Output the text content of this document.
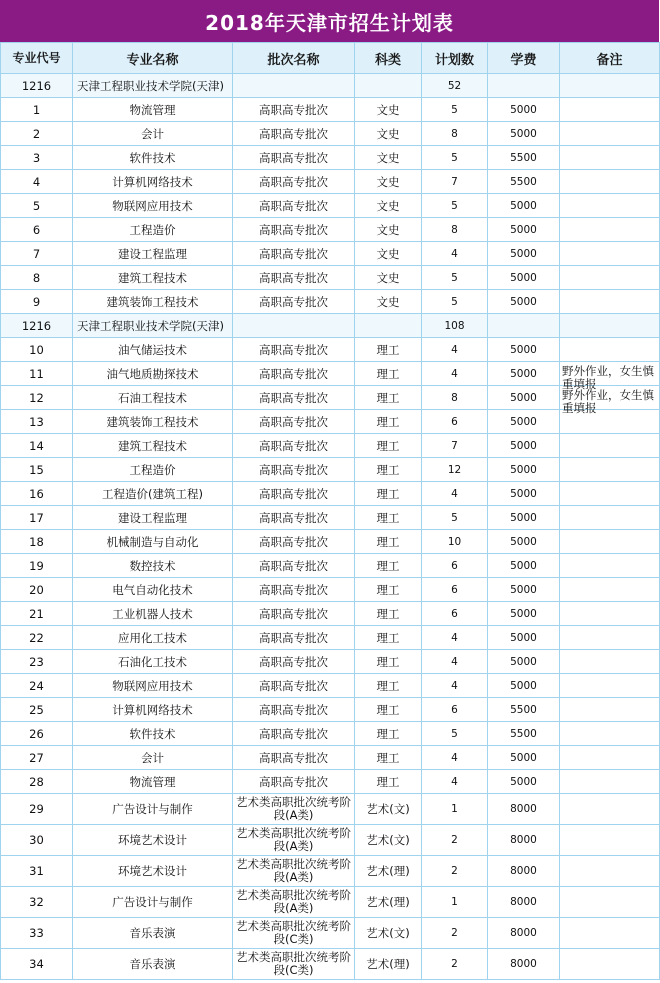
2018年天津市招生计划表
专业代号	专业名称	批次名称	科类	计划数	学费	备注
1216	天津工程职业技术学院(天津)			52		
1	物流管理	高职高专批次	文史	5	5000	
2	会计	高职高专批次	文史	8	5000	
3	软件技术	高职高专批次	文史	5	5500	
4	计算机网络技术	高职高专批次	文史	7	5500	
5	物联网应用技术	高职高专批次	文史	5	5000	
6	工程造价	高职高专批次	文史	8	5000	
7	建设工程监理	高职高专批次	文史	4	5000	
8	建筑工程技术	高职高专批次	文史	5	5000	
9	建筑装饰工程技术	高职高专批次	文史	5	5000	
1216	天津工程职业技术学院(天津)			108		
10	油气储运技术	高职高专批次	理工	4	5000	
11	油气地质勘探技术	高职高专批次	理工	4	5000	野外作业，女生慎重填报

12	石油工程技术	高职高专批次	理工	8	5000	野外作业，女生慎重填报

13	建筑装饰工程技术	高职高专批次	理工	6	5000	
14	建筑工程技术	高职高专批次	理工	7	5000	
15	工程造价	高职高专批次	理工	12	5000	
16	工程造价(建筑工程)	高职高专批次	理工	4	5000	
17	建设工程监理	高职高专批次	理工	5	5000	
18	机械制造与自动化	高职高专批次	理工	10	5000	
19	数控技术	高职高专批次	理工	6	5000	
20	电气自动化技术	高职高专批次	理工	6	5000	
21	工业机器人技术	高职高专批次	理工	6	5000	
22	应用化工技术	高职高专批次	理工	4	5000	
23	石油化工技术	高职高专批次	理工	4	5000	
24	物联网应用技术	高职高专批次	理工	4	5000	
25	计算机网络技术	高职高专批次	理工	6	5500	
26	软件技术	高职高专批次	理工	5	5500	
27	会计	高职高专批次	理工	4	5000	
28	物流管理	高职高专批次	理工	4	5000	
29	广告设计与制作	艺术类高职批次统考阶段(A类)	艺术(文)	1	8000	
30	环境艺术设计	艺术类高职批次统考阶段(A类)	艺术(文)	2	8000	
31	环境艺术设计	艺术类高职批次统考阶段(A类)	艺术(理)	2	8000	
32	广告设计与制作	艺术类高职批次统考阶段(A类)	艺术(理)	1	8000	
33	音乐表演	艺术类高职批次统考阶段(C类)	艺术(文)	2	8000	
34	音乐表演	艺术类高职批次统考阶段(C类)	艺术(理)	2	8000	
